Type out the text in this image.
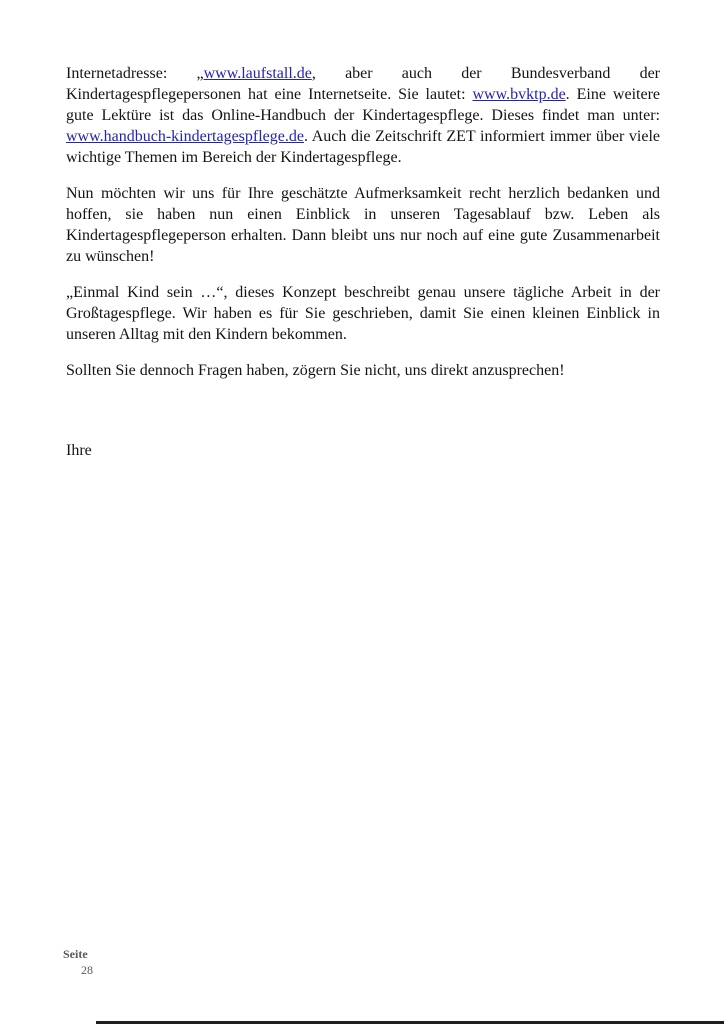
Internetadresse: „www.laufstall.de, aber auch der Bundesverband der Kindertagespflegepersonen hat eine Internetseite. Sie lautet: www.bvktp.de. Eine weitere gute Lektüre ist das Online-Handbuch der Kindertagespflege. Dieses findet man unter: www.handbuch-kindertagespflege.de. Auch die Zeitschrift ZET informiert immer über viele wichtige Themen im Bereich der Kindertagespflege.

Nun möchten wir uns für Ihre geschätzte Aufmerksamkeit recht herzlich bedanken und hoffen, sie haben nun einen Einblick in unseren Tagesablauf bzw. Leben als Kindertagespflegeperson erhalten. Dann bleibt uns nur noch auf eine gute Zusammenarbeit zu wünschen!

„Einmal Kind sein …“, dieses Konzept beschreibt genau unsere tägliche Arbeit in der Großtagespflege. Wir haben es für Sie geschrieben, damit Sie einen kleinen Einblick in unseren Alltag mit den Kindern bekommen.

Sollten Sie dennoch Fragen haben, zögern Sie nicht, uns direkt anzusprechen!

Ihre

Seite
28
